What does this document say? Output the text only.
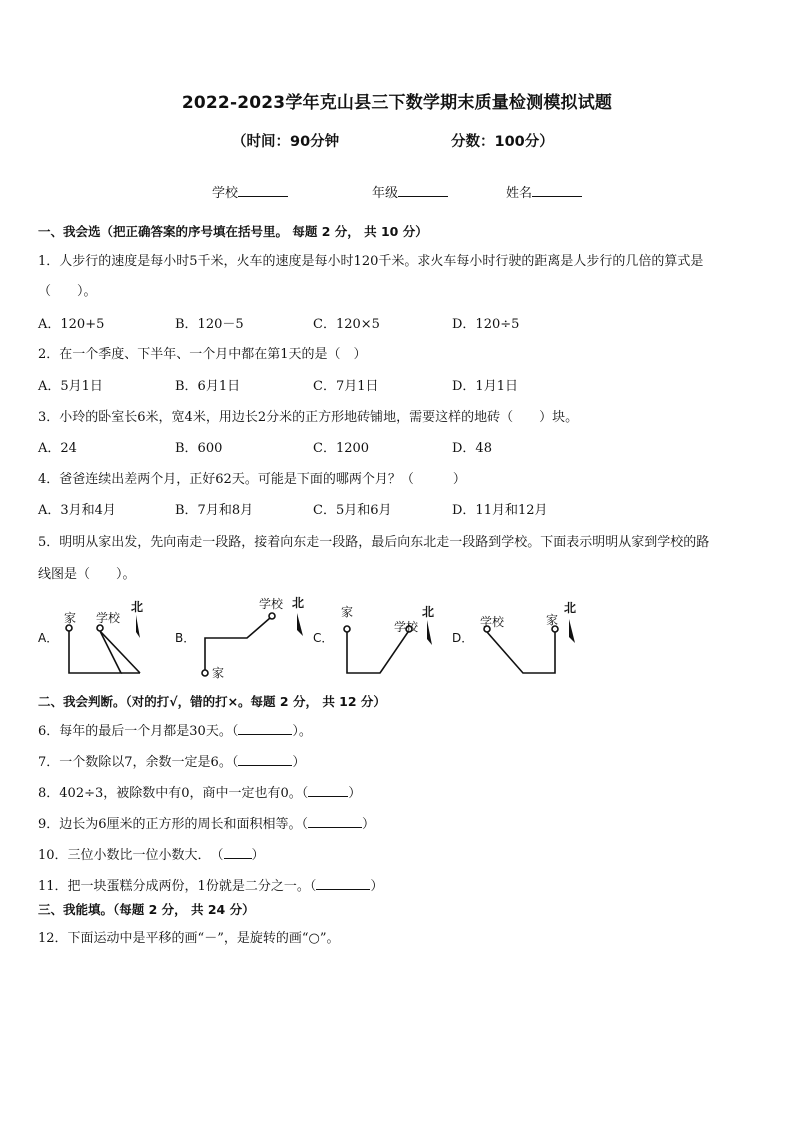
2022-2023学年克山县三下数学期末质量检测模拟试题
（时间：90分钟	分数：100分）
学校	年级	姓名
一、我会选（把正确答案的序号填在括号里。 每题 2 分， 共 10 分）
1．人步行的速度是每小时5千米，火车的速度是每小时120千米。求火车每小时行驶的距离是人步行的几倍的算式是
（　　）。
A．120+5	B．120－5	C．120×5	D．120÷5
2．在一个季度、下半年、一个月中都在第1天的是（　）
A．5月1日	B．6月1日	C．7月1日	D．1月1日
3．小玲的卧室长6米，宽4米，用边长2分米的正方形地砖铺地，需要这样的地砖（　　）块。
A．24	B．600	C．1200	D．48
4．爸爸连续出差两个月，正好62天。可能是下面的哪两个月？（　　　）
A．3月和4月	B．7月和8月	C．5月和6月	D．11月和12月
5．明明从家出发，先向南走一段路，接着向东走一段路，最后向东北走一段路到学校。下面表示明明从家到学校的路
线图是（　　）。
A．
家 学校
北
B．
家
学校 北
C．
家
学校
北
D．
学校	家
北
二、我会判断。（对的打√，错的打×。每题 2 分， 共 12 分）
6．每年的最后一个月都是30天。（	）。
7．一个数除以7，余数一定是6。（	）
8．402÷3，被除数中有0，商中一定也有0。（	）
9．边长为6厘米的正方形的周长和面积相等。（	）
10．三位小数比一位小数大．　（ ）
11．把一块蛋糕分成两份，1份就是二分之一。（	）
三、我能填。（每题 2 分， 共 24 分）
12．下面运动中是平移的画“－”，是旋转的画“○”。
